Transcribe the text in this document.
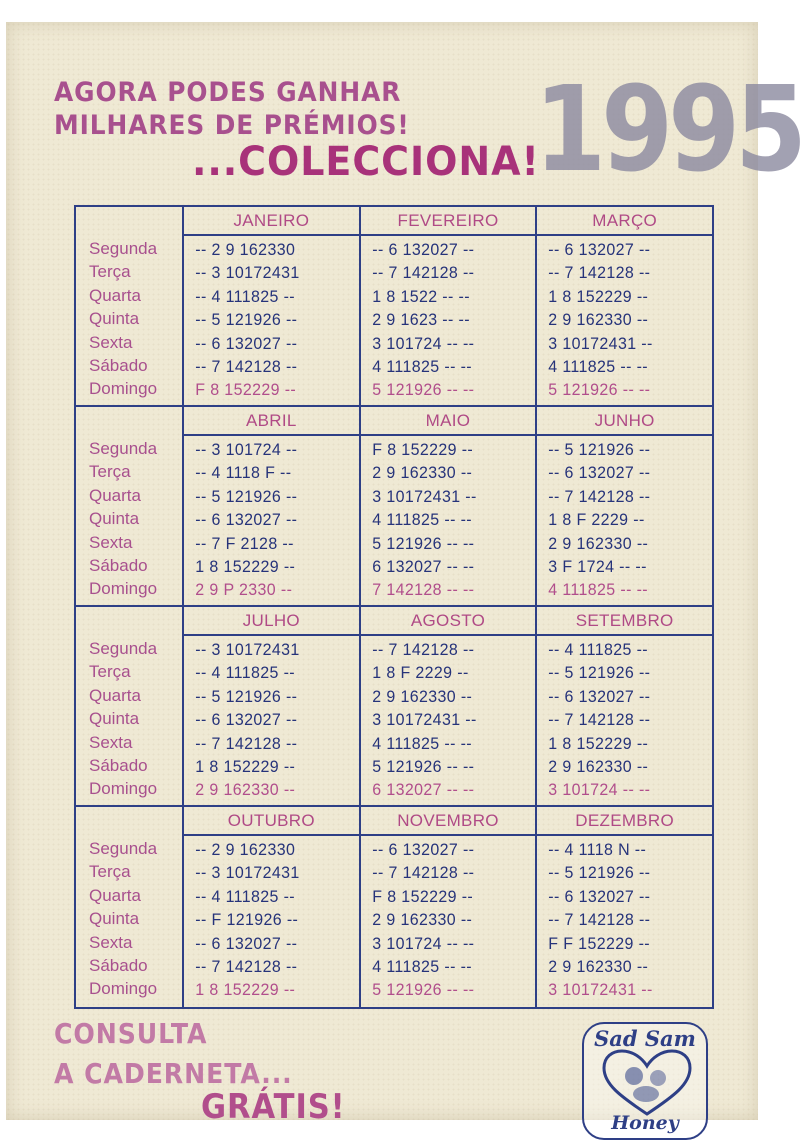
AGORA PODES GANHAR

MILHARES DE PRÉMIOS!

...COLECCIONA!

1995
Segunda
Terça
Quarta
Quinta
Sexta
Sábado
Domingo
JANEIRO
-- 2 9 162330
-- 3 10172431
-- 4 111825 --
-- 5 121926 --
-- 6 132027 --
-- 7 142128 --
F 8 152229 --
FEVEREIRO
-- 6 132027 --
-- 7 142128 --
1 8 1522 -- --
2 9 1623 -- --
3 101724 -- --
4 111825 -- --
5 121926 -- --
MARÇO
-- 6 132027 --
-- 7 142128 --
1 8 152229 --
2 9 162330 --
3 10172431 --
4 111825 -- --
5 121926 -- --
Segunda
Terça
Quarta
Quinta
Sexta
Sábado
Domingo
ABRIL
-- 3 101724 --
-- 4 1118 F --
-- 5 121926 --
-- 6 132027 --
-- 7 F 2128 --
1 8 152229 --
2 9 P 2330 --
MAIO
F 8 152229 --
2 9 162330 --
3 10172431 --
4 111825 -- --
5 121926 -- --
6 132027 -- --
7 142128 -- --
JUNHO
-- 5 121926 --
-- 6 132027 --
-- 7 142128 --
1 8 F 2229 --
2 9 162330 --
3 F 1724 -- --
4 111825 -- --
Segunda
Terça
Quarta
Quinta
Sexta
Sábado
Domingo
JULHO
-- 3 10172431
-- 4 111825 --
-- 5 121926 --
-- 6 132027 --
-- 7 142128 --
1 8 152229 --
2 9 162330 --
AGOSTO
-- 7 142128 --
1 8 F 2229 --
2 9 162330 --
3 10172431 --
4 111825 -- --
5 121926 -- --
6 132027 -- --
SETEMBRO
-- 4 111825 --
-- 5 121926 --
-- 6 132027 --
-- 7 142128 --
1 8 152229 --
2 9 162330 --
3 101724 -- --
Segunda
Terça
Quarta
Quinta
Sexta
Sábado
Domingo
OUTUBRO
-- 2 9 162330
-- 3 10172431
-- 4 111825 --
-- F 121926 --
-- 6 132027 --
-- 7 142128 --
1 8 152229 --
NOVEMBRO
-- 6 132027 --
-- 7 142128 --
F 8 152229 --
2 9 162330 --
3 101724 -- --
4 111825 -- --
5 121926 -- --
DEZEMBRO
-- 4 1118 N --
-- 5 121926 --
-- 6 132027 --
-- 7 142128 --
F F 152229 --
2 9 162330 --
3 10172431 --

CONSULTA

A CADERNETA...

GRÁTIS!

Sad Sam
Honey
